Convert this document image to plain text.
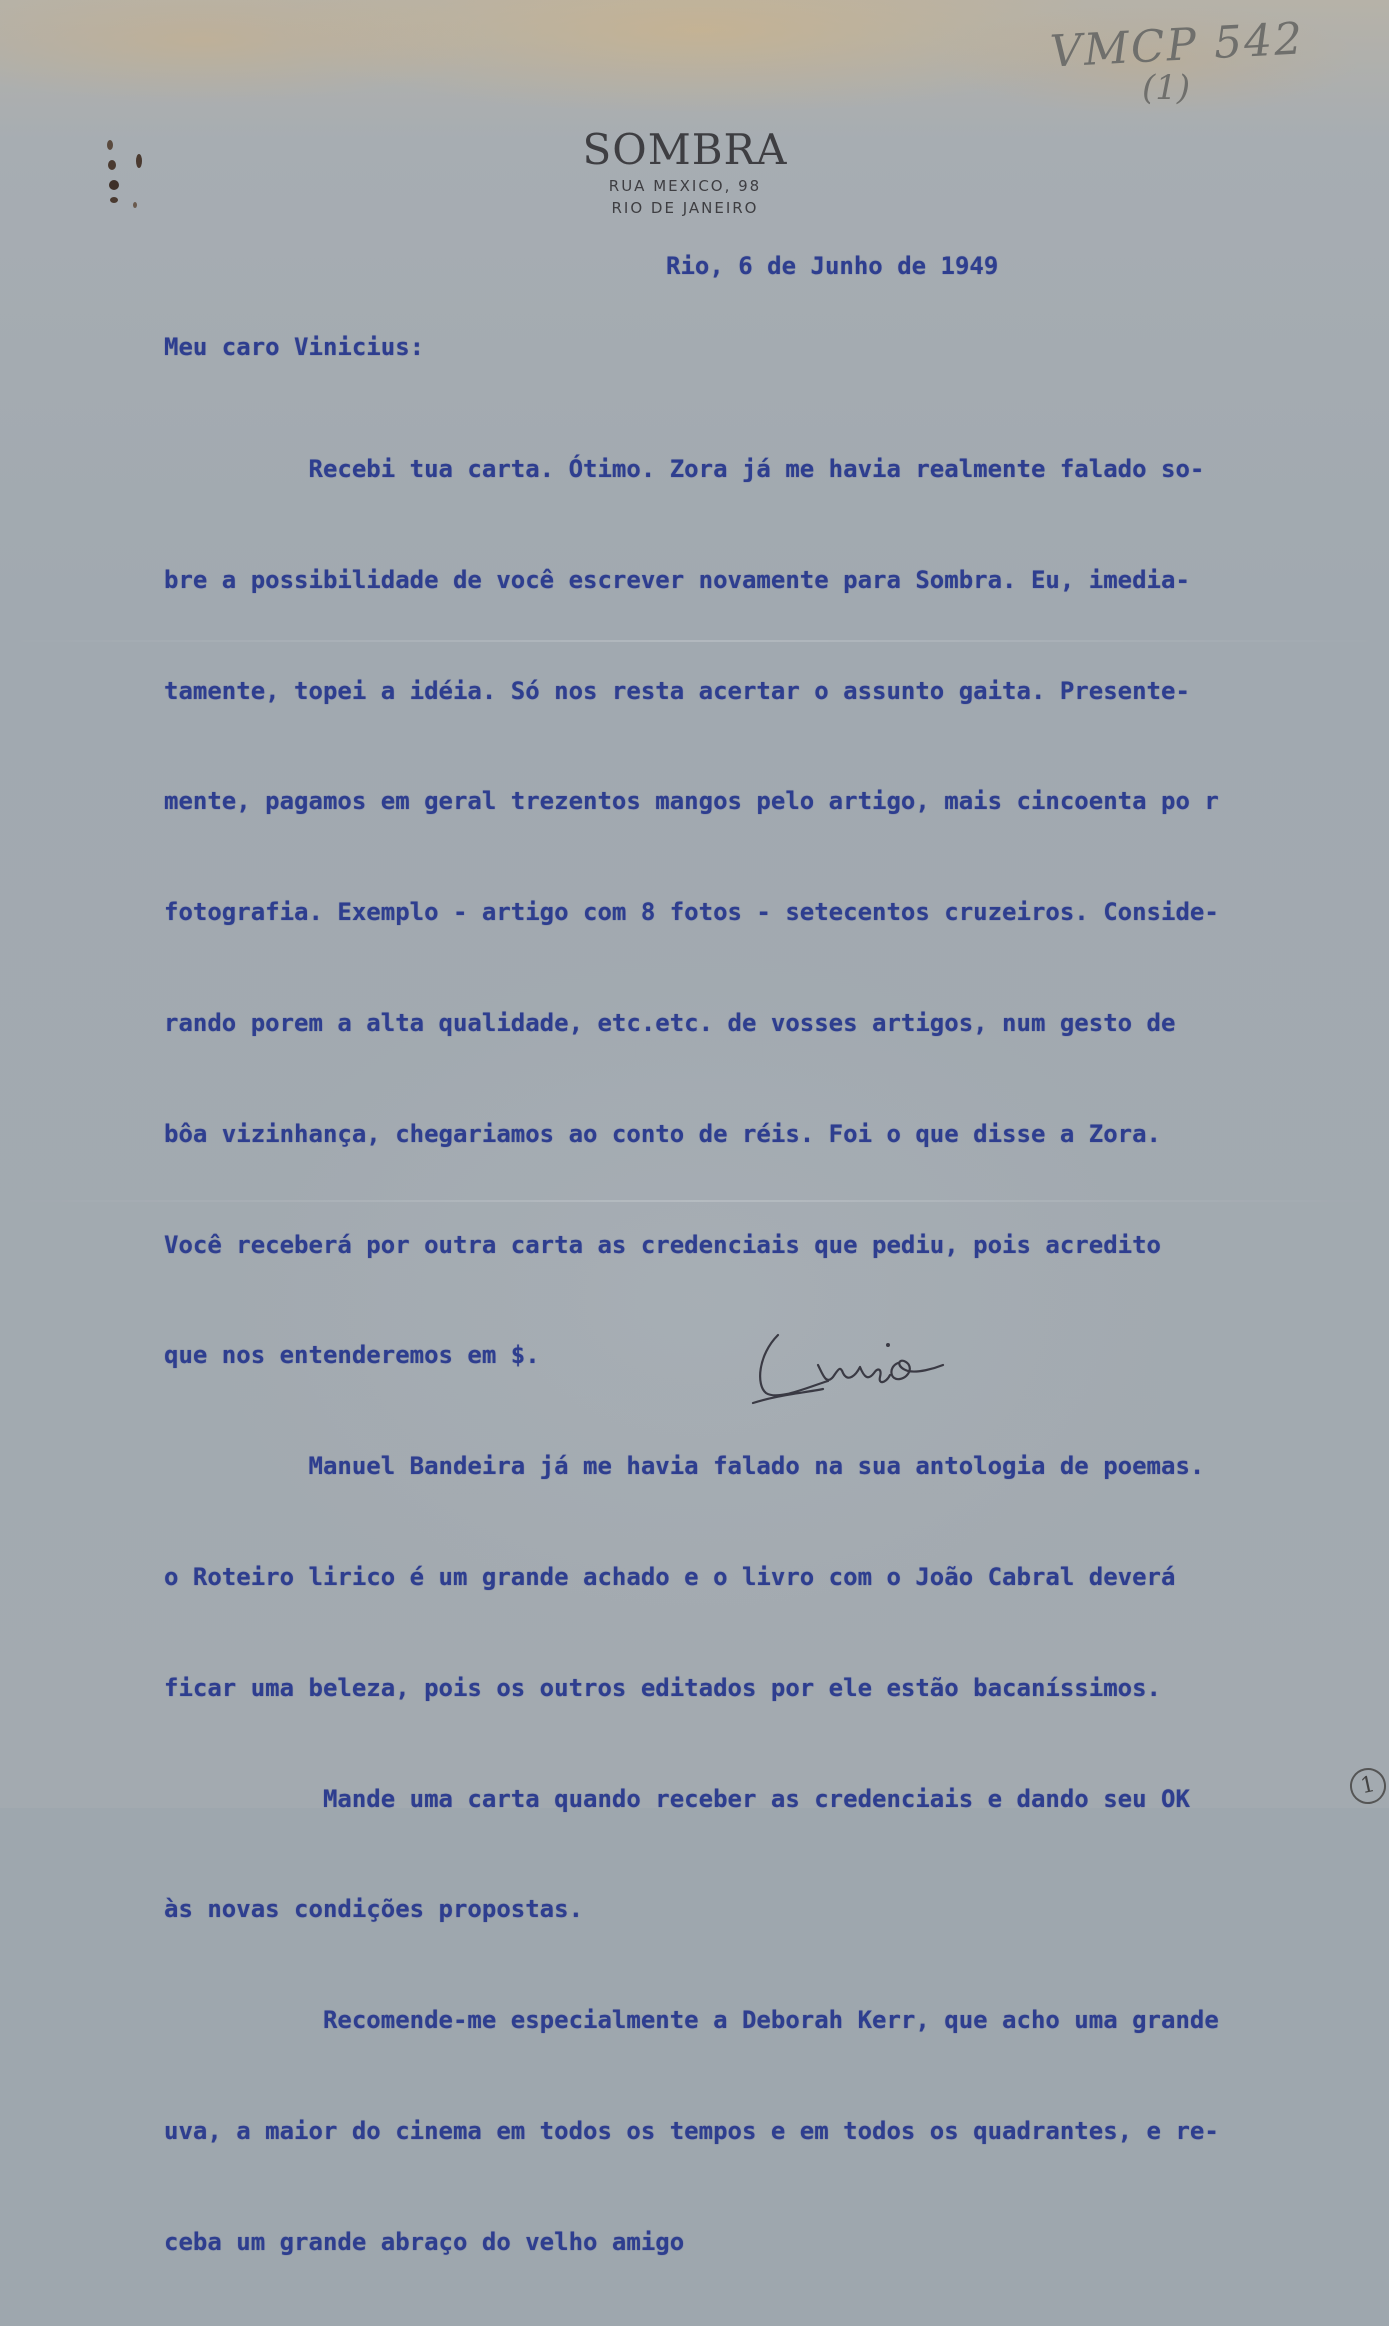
VMCP 542
(1)
SOMBRA
RUA MEXICO, 98
RIO DE JANEIRO
Rio, 6 de Junho de 1949
Meu caro Vinicius:

Recebi tua carta. Ótimo. Zora já me havia realmente falado so-

bre a possibilidade de você escrever novamente para Sombra. Eu, imedia-

tamente, topei a idéia. Só nos resta acertar o assunto gaita. Presente-

mente, pagamos em geral trezentos mangos pelo artigo, mais cincoenta po r

fotografia. Exemplo - artigo com 8 fotos - setecentos cruzeiros. Conside-

rando porem a alta qualidade, etc.etc. de vosses artigos, num gesto de

bôa vizinhança, chegariamos ao conto de réis. Foi o que disse a Zora.

Você receberá por outra carta as credenciais que pediu, pois acredito

que nos entenderemos em $.

Manuel Bandeira já me havia falado na sua antologia de poemas.

o Roteiro lirico é um grande achado e o livro com o João Cabral deverá

ficar uma beleza, pois os outros editados por ele estão bacaníssimos.

Mande uma carta quando receber as credenciais e dando seu OK

às novas condições propostas.

Recomende-me especialmente a Deborah Kerr, que acho uma grande

uva, a maior do cinema em todos os tempos e em todos os quadrantes, e re-

ceba um grande abraço do velho amigo

1
